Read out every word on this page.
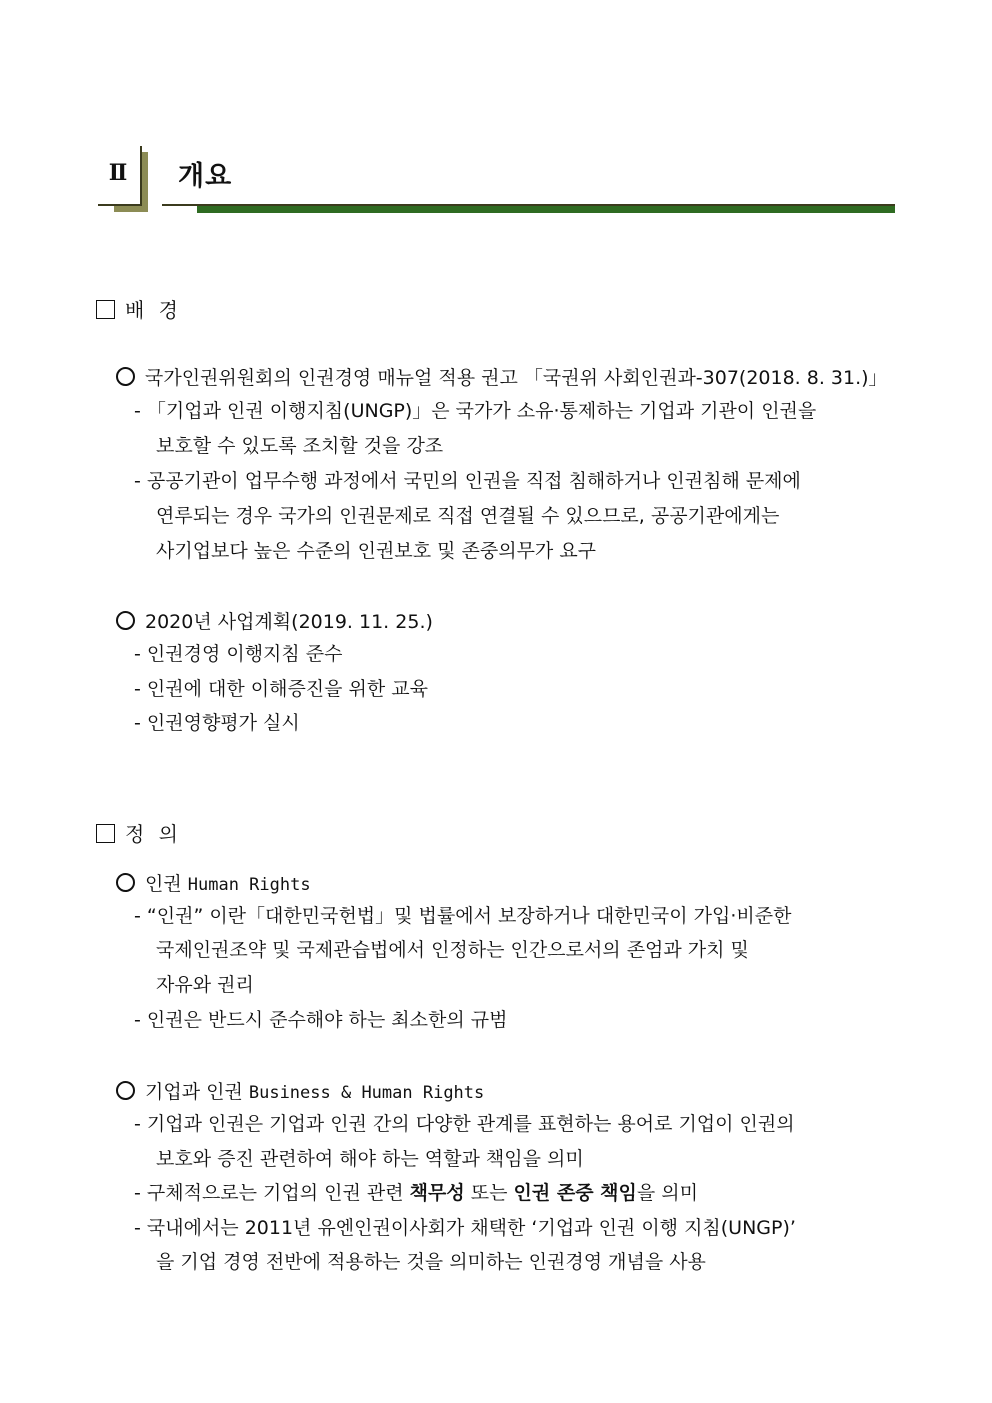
Ⅱ	개요
배 경
국가인권위원회의 인권경영 매뉴얼 적용 권고 「국권위 사회인권과-307(2018. 8. 31.)」
- 「기업과 인권 이행지침(UNGP)」은 국가가 소유·통제하는 기업과 기관이 인권을
보호할 수 있도록 조치할 것을 강조
- 공공기관이 업무수행 과정에서 국민의 인권을 직접 침해하거나 인권침해 문제에
연루되는 경우 국가의 인권문제로 직접 연결될 수 있으므로, 공공기관에게는
사기업보다 높은 수준의 인권보호 및 존중의무가 요구
2020년 사업계획(2019. 11. 25.)
- 인권경영 이행지침 준수
- 인권에 대한 이해증진을 위한 교육
- 인권영향평가 실시
정 의
인권 Human Rights
- “인권” 이란「대한민국헌법」및 법률에서 보장하거나 대한민국이 가입·비준한
국제인권조약 및 국제관습법에서 인정하는 인간으로서의 존엄과 가치 및
자유와 권리
- 인권은 반드시 준수해야 하는 최소한의 규범
기업과 인권 Business & Human Rights
- 기업과 인권은 기업과 인권 간의 다양한 관계를 표현하는 용어로 기업이 인권의
보호와 증진 관련하여 해야 하는 역할과 책임을 의미
- 구체적으로는 기업의 인권 관련 책무성 또는 인권 존중 책임을 의미
- 국내에서는 2011년 유엔인권이사회가 채택한 ‘기업과 인권 이행 지침(UNGP)’
을 기업 경영 전반에 적용하는 것을 의미하는 인권경영 개념을 사용
